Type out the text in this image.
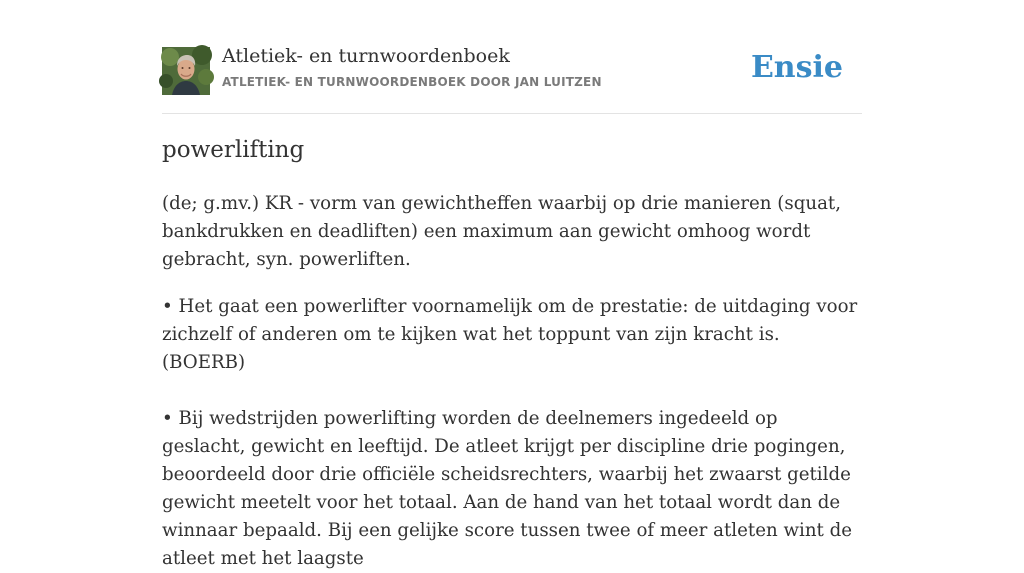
Atletiek- en turnwoordenboek
ATLETIEK- EN TURNWOORDENBOEK DOOR JAN LUITZEN	Ensie
powerlifting

(de; g.mv.) KR - vorm van gewichtheffen waarbij op drie manieren (squat, bankdrukken en deadliften) een maximum aan gewicht omhoog wordt gebracht, syn. powerliften.

• Het gaat een powerlifter voornamelijk om de prestatie: de uitdaging voor zichzelf of anderen om te kijken wat het toppunt van zijn kracht is. (BOERB)

• Bij wedstrijden powerlifting worden de deelnemers ingedeeld op geslacht, gewicht en leeftijd. De atleet krijgt per discipline drie pogingen, beoordeeld door drie officiële scheidsrechters, waarbij het zwaarst getilde gewicht meetelt voor het totaal. Aan de hand van het totaal wordt dan de winnaar bepaald. Bij een gelijke score tussen twee of meer atleten wint de atleet met het laagste
